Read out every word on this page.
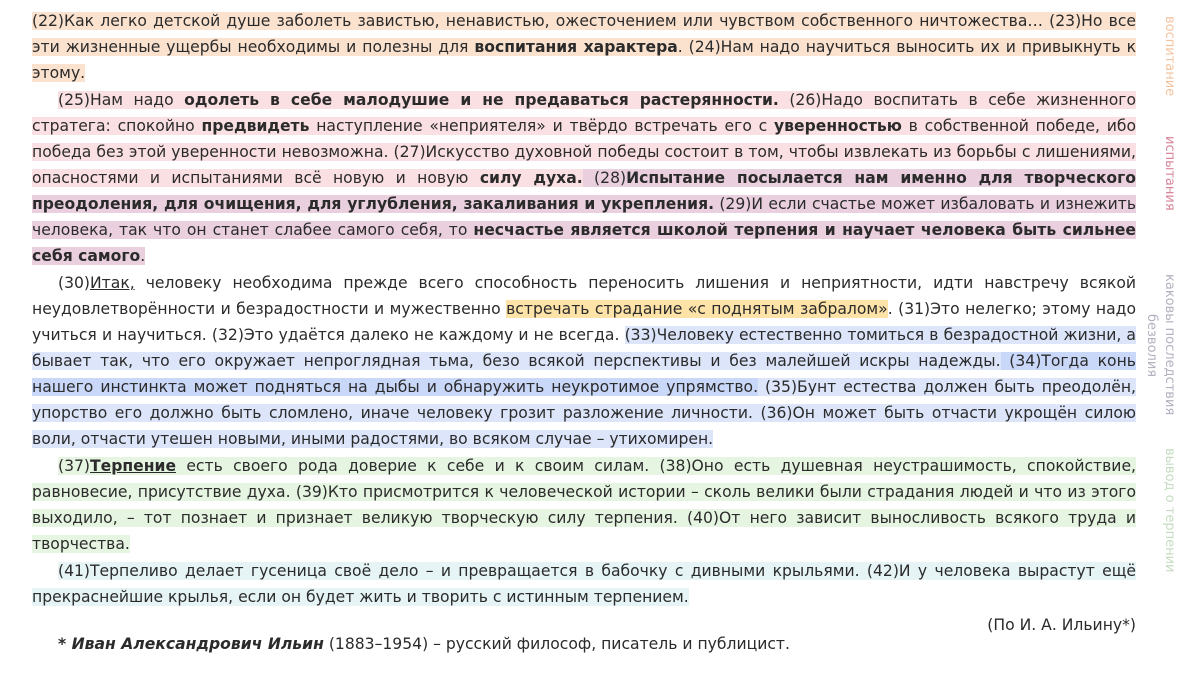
(22)Как легко детской душе заболеть завистью, ненавистью, ожесточением или чувством собственного ничтожества… (23)Но все эти жизненные ущербы необходимы и полезны для воспитания характера. (24)Нам надо научиться выносить их и привыкнуть к этому.

(25)Нам надо одолеть в себе малодушие и не предаваться растерянности. (26)Надо воспитать в себе жизненного стратега: спокойно предвидеть наступление «неприятеля» и твёрдо встречать его с уверенностью в собственной победе, ибо победа без этой уверенности невозможна. (27)Искусство духовной победы состоит в том, чтобы извлекать из борьбы с лишениями, опасностями и испытаниями всё новую и новую силу духа. (28)Испытание посылается нам именно для творческого преодоления, для очищения, для углубления, закаливания и укрепления. (29)И если счастье может избаловать и изнежить человека, так что он станет слабее самого себя, то несчастье является школой терпения и научает человека быть сильнее себя самого.

(30)Итак, человеку необходима прежде всего способность переносить лишения и неприятности, идти навстречу всякой неудовлетворённости и безрадостности и мужественно встречать страдание «с поднятым забралом». (31)Это нелегко; этому надо учиться и научиться. (32)Это удаётся далеко не каждому и не всегда. (33)Человеку естественно томиться в безрадостной жизни, а бывает так, что его окружает непроглядная тьма, безо всякой перспективы и без малейшей искры надежды. (34)Тогда конь нашего инстинкта может подняться на дыбы и обнаружить неукротимое упрямство. (35)Бунт естества должен быть преодолён, упорство его должно быть сломлено, иначе человеку грозит разложение личности. (36)Он может быть отчасти укрощён силою воли, отчасти утешен новыми, иными радостями, во всяком случае – утихомирен.

(37)Терпение есть своего рода доверие к себе и к своим силам. (38)Оно есть душевная неустрашимость, спокойствие, равновесие, присутствие духа. (39)Кто присмотрится к человеческой истории – сколь велики были страдания людей и что из этого выходило, – тот познает и признает великую творческую силу терпения. (40)От него зависит выносливость всякого труда и творчества.

(41)Терпеливо делает гусеница своё дело – и превращается в бабочку с дивными крыльями. (42)И у человека вырастут ещё прекраснейшие крылья, если он будет жить и творить с истинным терпением.

(По И. А. Ильину*)
* Иван Александрович Ильин (1883–1954) – русский философ, писатель и публицист.
воспитание
испытания
каковы последствия
безволия
вывод о терпении
